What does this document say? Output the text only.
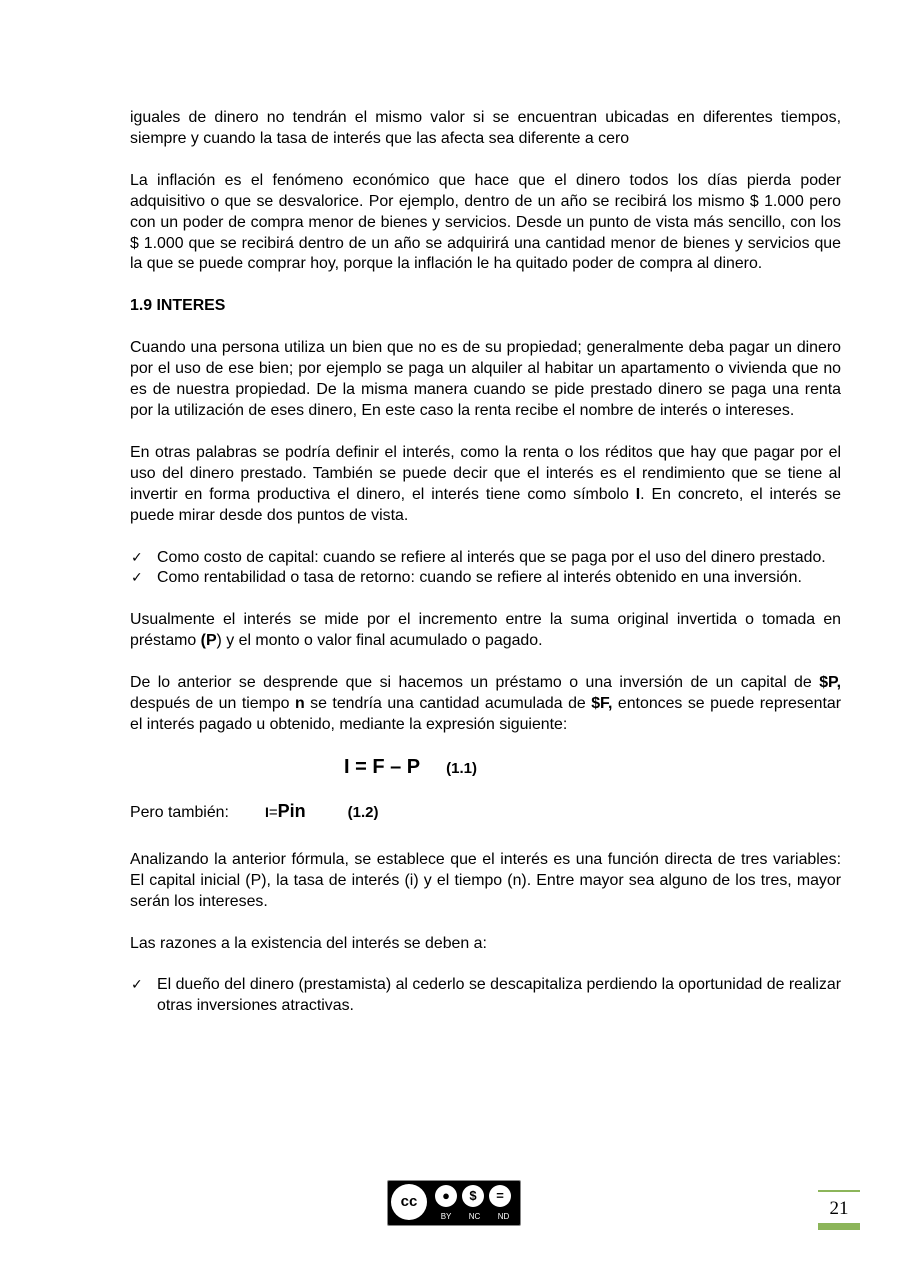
iguales de dinero no tendrán el mismo valor si se encuentran ubicadas en diferentes tiempos, siempre y cuando la tasa de interés que las afecta sea diferente a cero

La inflación es el fenómeno económico que hace que el dinero todos los días pierda poder adquisitivo o que se desvalorice. Por ejemplo, dentro de un año se recibirá los mismo $ 1.000 pero con un poder de compra menor de bienes y servicios. Desde un punto de vista más sencillo, con los $ 1.000 que se recibirá dentro de un año se adquirirá una cantidad menor de bienes y servicios que la que se puede comprar hoy, porque la inflación le ha quitado poder de compra al dinero.

1.9 INTERES

Cuando una persona utiliza un bien que no es de su propiedad; generalmente deba pagar un dinero por el uso de ese bien; por ejemplo se paga un alquiler al habitar un apartamento o vivienda que no es de nuestra propiedad. De la misma manera cuando se pide prestado dinero se paga una renta por la utilización de eses dinero, En este caso la renta recibe el nombre de interés o intereses.

En otras palabras se podría definir el interés, como la renta o los réditos que hay que pagar por el uso del dinero prestado. También se puede decir que el interés es el rendimiento que se tiene al invertir en forma productiva el dinero, el interés tiene como símbolo I. En concreto, el interés se puede mirar desde dos puntos de vista.

✓ Como costo de capital: cuando se refiere al interés que se paga por el uso del dinero prestado.
✓ Como rentabilidad o tasa de retorno: cuando se refiere al interés obtenido en una inversión.

Usualmente el interés se mide por el incremento entre la suma original invertida o tomada en préstamo (P) y el monto o valor final acumulado o pagado.

De lo anterior se desprende que si hacemos un préstamo o una inversión de un capital de $P, después de un tiempo n se tendría una cantidad acumulada de $F, entonces se puede representar el interés pagado u obtenido, mediante la expresión siguiente:

I = F – P (1.1)
Pero también:	I=Pin	(1.2)

Analizando la anterior fórmula, se establece que el interés es una función directa de tres variables: El capital inicial (P), la tasa de interés (i) y el tiempo (n). Entre mayor sea alguno de los tres, mayor serán los intereses.

Las razones a la existencia del interés se deben a:

✓ El dueño del dinero (prestamista) al cederlo se descapitaliza perdiendo la oportunidad de realizar otras inversiones atractivas.
cc	●	$	=
BY NC ND	21
